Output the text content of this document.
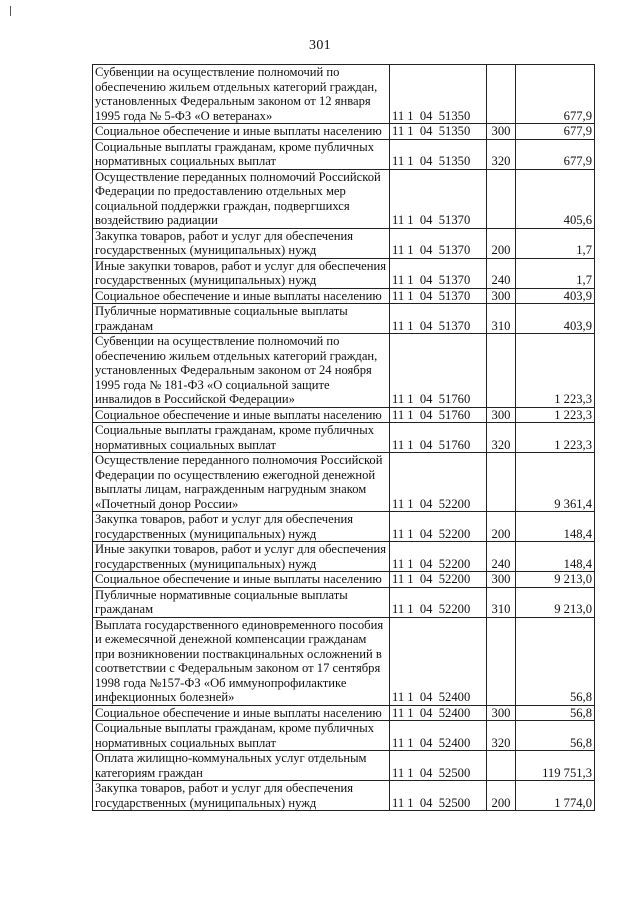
301
Субвенции на осуществление полномочий по обеспечению жильем отдельных категорий граждан, установленных Федеральным законом от 12 января 1995 года № 5-ФЗ «О ветеранах»	11 1  04  51350		677,9
Социальное обеспечение и иные выплаты населению	11 1  04  51350	300	677,9
Социальные выплаты гражданам, кроме публичных нормативных социальных выплат	11 1  04  51350	320	677,9
Осуществление переданных полномочий Российской Федерации по предоставлению отдельных мер социальной поддержки граждан, подвергшихся воздействию радиации	11 1  04  51370		405,6
Закупка товаров, работ и услуг для обеспечения государственных (муниципальных) нужд	11 1  04  51370	200	1,7
Иные закупки товаров, работ и услуг для обеспечения государственных (муниципальных) нужд	11 1  04  51370	240	1,7
Социальное обеспечение и иные выплаты населению	11 1  04  51370	300	403,9
Публичные нормативные социальные выплаты гражданам	11 1  04  51370	310	403,9
Субвенции на осуществление полномочий по обеспечению жильем отдельных категорий граждан, установленных Федеральным законом от 24 ноября 1995 года № 181-ФЗ «О социальной защите инвалидов в Российской Федерации»	11 1  04  51760		1 223,3
Социальное обеспечение и иные выплаты населению	11 1  04  51760	300	1 223,3
Социальные выплаты гражданам, кроме публичных нормативных социальных выплат	11 1  04  51760	320	1 223,3
Осуществление переданного полномочия Российской Федерации по осуществлению ежегодной денежной выплаты лицам, награжденным нагрудным знаком «Почетный донор России»	11 1  04  52200		9 361,4
Закупка товаров, работ и услуг для обеспечения государственных (муниципальных) нужд	11 1  04  52200	200	148,4
Иные закупки товаров, работ и услуг для обеспечения государственных (муниципальных) нужд	11 1  04  52200	240	148,4
Социальное обеспечение и иные выплаты населению	11 1  04  52200	300	9 213,0
Публичные нормативные социальные выплаты гражданам	11 1  04  52200	310	9 213,0
Выплата государственного единовременного пособия и ежемесячной денежной компенсации гражданам при возникновении поствакцинальных осложнений в соответствии с Федеральным законом от 17 сентября 1998 года №157-ФЗ «Об иммунопрофилактике инфекционных болезней»	11 1  04  52400		56,8
Социальное обеспечение и иные выплаты населению	11 1  04  52400	300	56,8
Социальные выплаты гражданам, кроме публичных нормативных социальных выплат	11 1  04  52400	320	56,8
Оплата жилищно-коммунальных услуг отдельным категориям граждан	11 1  04  52500		119 751,3
Закупка товаров, работ и услуг для обеспечения государственных (муниципальных) нужд	11 1  04  52500	200	1 774,0
